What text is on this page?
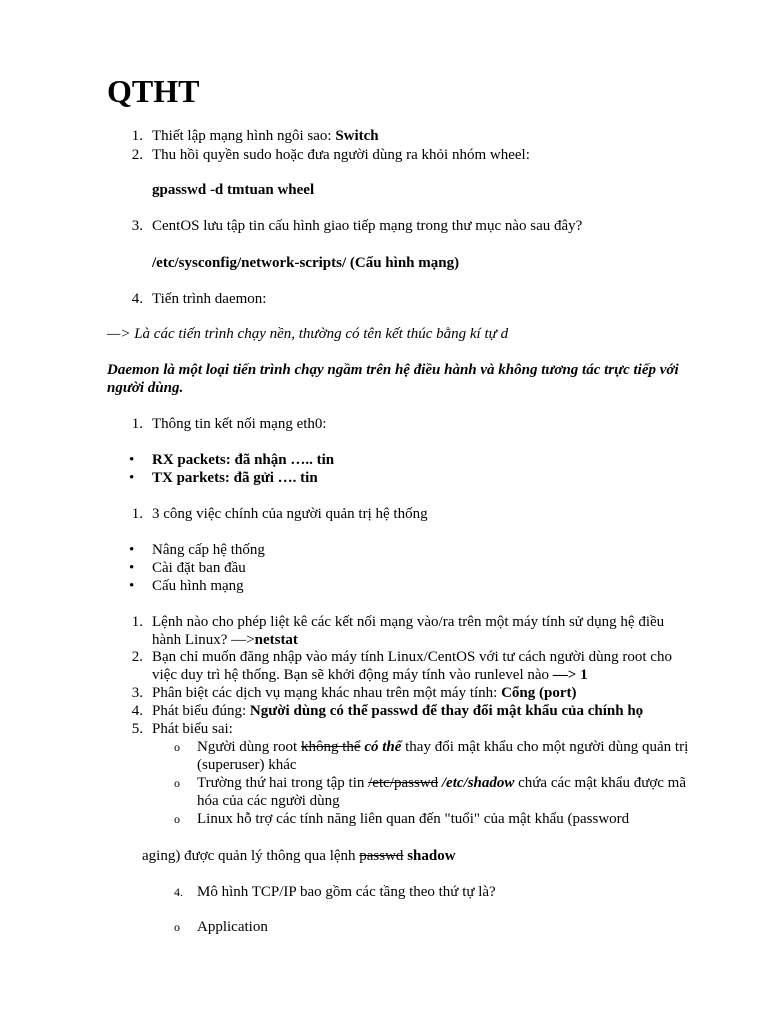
QTHT
1. Thiết lập mạng hình ngôi sao: Switch
2. Thu hồi quyền sudo hoặc đưa người dùng ra khỏi nhóm wheel:
gpasswd -d tmtuan wheel
3. CentOS lưu tập tin cấu hình giao tiếp mạng trong thư mục nào sau đây?
/etc/sysconfig/network-scripts/ (Cấu hình mạng)
4. Tiến trình daemon:
—> Là các tiến trình chạy nền, thường có tên kết thúc bằng kí tự d
Daemon là một loại tiến trình chạy ngầm trên hệ điều hành và không tương tác trực tiếp với người dùng.
1. Thông tin kết nối mạng eth0:
• RX packets: đã nhận ….. tin
• TX parkets: đã gửi …. tin
1. 3 công việc chính của người quản trị hệ thống
• Nâng cấp hệ thống
• Cài đặt ban đầu
• Cấu hình mạng
1. Lệnh nào cho phép liệt kê các kết nối mạng vào/ra trên một máy tính sử dụng hệ điều
hành Linux? —>netstat
2. Bạn chỉ muốn đăng nhập vào máy tính Linux/CentOS với tư cách người dùng root cho
việc duy trì hệ thống. Bạn sẽ khởi động máy tính vào runlevel nào —> 1
3. Phân biệt các dịch vụ mạng khác nhau trên một máy tính: Cổng (port)
4. Phát biểu đúng: Người dùng có thể passwd để thay đổi mật khẩu của chính họ
5. Phát biểu sai:
o Người dùng root không thể có thể thay đổi mật khẩu cho một người dùng quản trị
(superuser) khác
o Trường thứ hai trong tập tin /etc/passwd /etc/shadow chứa các mật khẩu được mã
hóa của các người dùng
o Linux hỗ trợ các tính năng liên quan đến "tuổi" của mật khẩu (password
aging) được quản lý thông qua lệnh passwd shadow
4. Mô hình TCP/IP bao gồm các tầng theo thứ tự là?
o Application
